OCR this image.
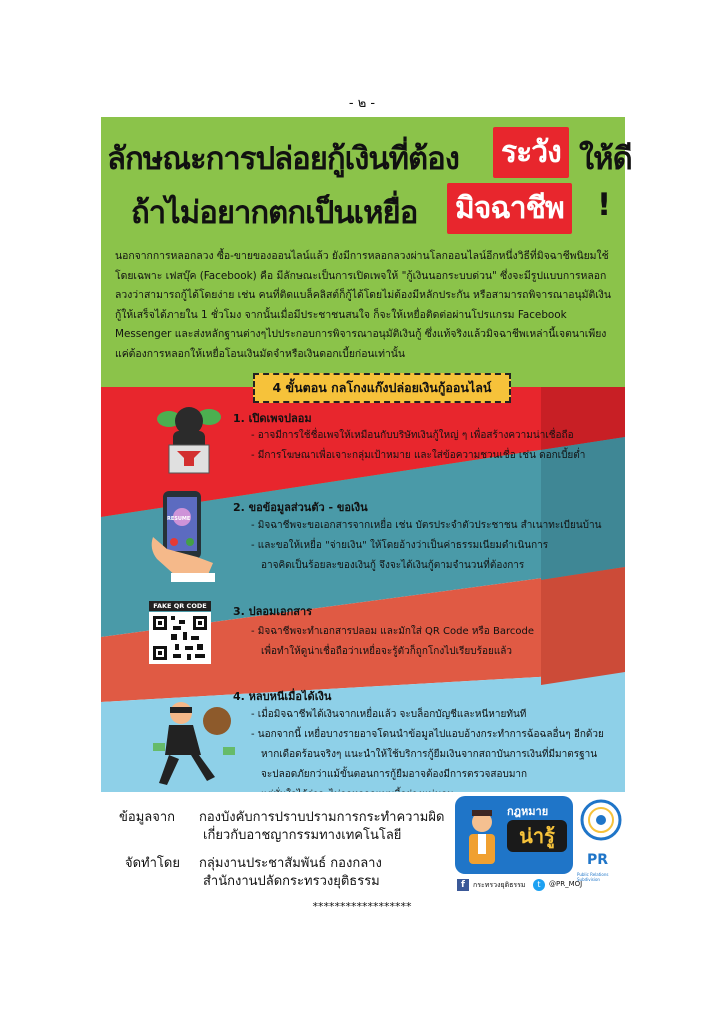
- ๒ -
ลักษณะการปล่อยกู้เงินที่ต้อง ระวัง ให้ดี
ถ้าไม่อยากตกเป็นเหยื่อ มิจฉาชีพ !
นอกจากการหลอกลวง ซื้อ-ขายของออนไลน์แล้ว ยังมีการหลอกลวงผ่านโลกออนไลน์อีกหนึ่งวิธีที่มิจฉาชีพนิยมใช้ โดยเฉพาะ เฟสบุ๊ค (Facebook) คือ มีลักษณะเป็นการเปิดเพจให้ "กู้เงินนอกระบบด่วน" ซึ่งจะมีรูปแบบการหลอกลวงว่าสามารถกู้ได้โดยง่าย เช่น คนที่ติดแบล็คลิสต์ก็กู้ได้โดยไม่ต้องมีหลักประกัน หรือสามารถพิจารณาอนุมัติเงินกู้ให้เสร็จได้ภายใน 1 ชั่วโมง จากนั้นเมื่อมีประชาชนสนใจ ก็จะให้เหยื่อติดต่อผ่านโปรแกรม Facebook Messenger และส่งหลักฐานต่างๆไปประกอบการพิจารณาอนุมัติเงินกู้ ซึ่งแท้จริงแล้วมิจฉาชีพเหล่านี้เจตนาเพียงแค่ต้องการหลอกให้เหยื่อโอนเงินมัดจำหรือเงินดอกเบี้ยก่อนเท่านั้น
4 ขั้นตอน กลโกงแก๊งปล่อยเงินกู้ออนไลน์
1. เปิดเพจปลอม
- อาจมีการใช้ชื่อเพจให้เหมือนกับบริษัทเงินกู้ใหญ่ ๆ เพื่อสร้างความน่าเชื่อถือ
- มีการโฆษณาเพื่อเจาะกลุ่มเป้าหมาย และใส่ข้อความชวนเชื่อ เช่น ดอกเบี้ยต่ำ
RESUME
2. ขอข้อมูลส่วนตัว - ขอเงิน
- มิจฉาชีพจะขอเอกสารจากเหยื่อ เช่น บัตรประจำตัวประชาชน สำเนาทะเบียนบ้าน
- และขอให้เหยื่อ "จ่ายเงิน" ให้โดยอ้างว่าเป็นค่าธรรมเนียมดำเนินการ
อาจคิดเป็นร้อยละของเงินกู้ จึงจะได้เงินกู้ตามจำนวนที่ต้องการ
FAKE QR CODE	3. ปลอมเอกสาร
- มิจฉาชีพจะทำเอกสารปลอม และมักใส่ QR Code หรือ Barcode
เพื่อทำให้ดูน่าเชื่อถือว่าเหยื่อจะรู้ตัวก็ถูกโกงไปเรียบร้อยแล้ว
4. หลบหนีเมื่อได้เงิน
- เมื่อมิจฉาชีพได้เงินจากเหยื่อแล้ว จะบล็อกบัญชีและหนีหายทันที
- นอกจากนี้ เหยื่อบางรายอาจโดนนำข้อมูลไปแอบอ้างกระทำการฉ้อฉลอื่นๆ อีกด้วย
หากเดือดร้อนจริงๆ แนะนำให้ใช้บริการกู้ยืมเงินจากสถาบันการเงินที่มีมาตรฐาน
จะปลอดภัยกว่าแม้ขั้นตอนการกู้ยืมอาจต้องมีการตรวจสอบมาก
ข้อมูลจาก กองบังคับการปราบปรามการกระทำความผิด
เกี่ยวกับอาชญากรรมทางเทคโนโลยี
จัดทำโดย กลุ่มงานประชาสัมพันธ์ กองกลาง
สำนักงานปลัดกระทรวงยุติธรรม
กฎหมาย
น่ารู้
f	กระทรวงยุติธรรม	t	@PR_MOJ
PR
Public Relations Subdivision
******************
